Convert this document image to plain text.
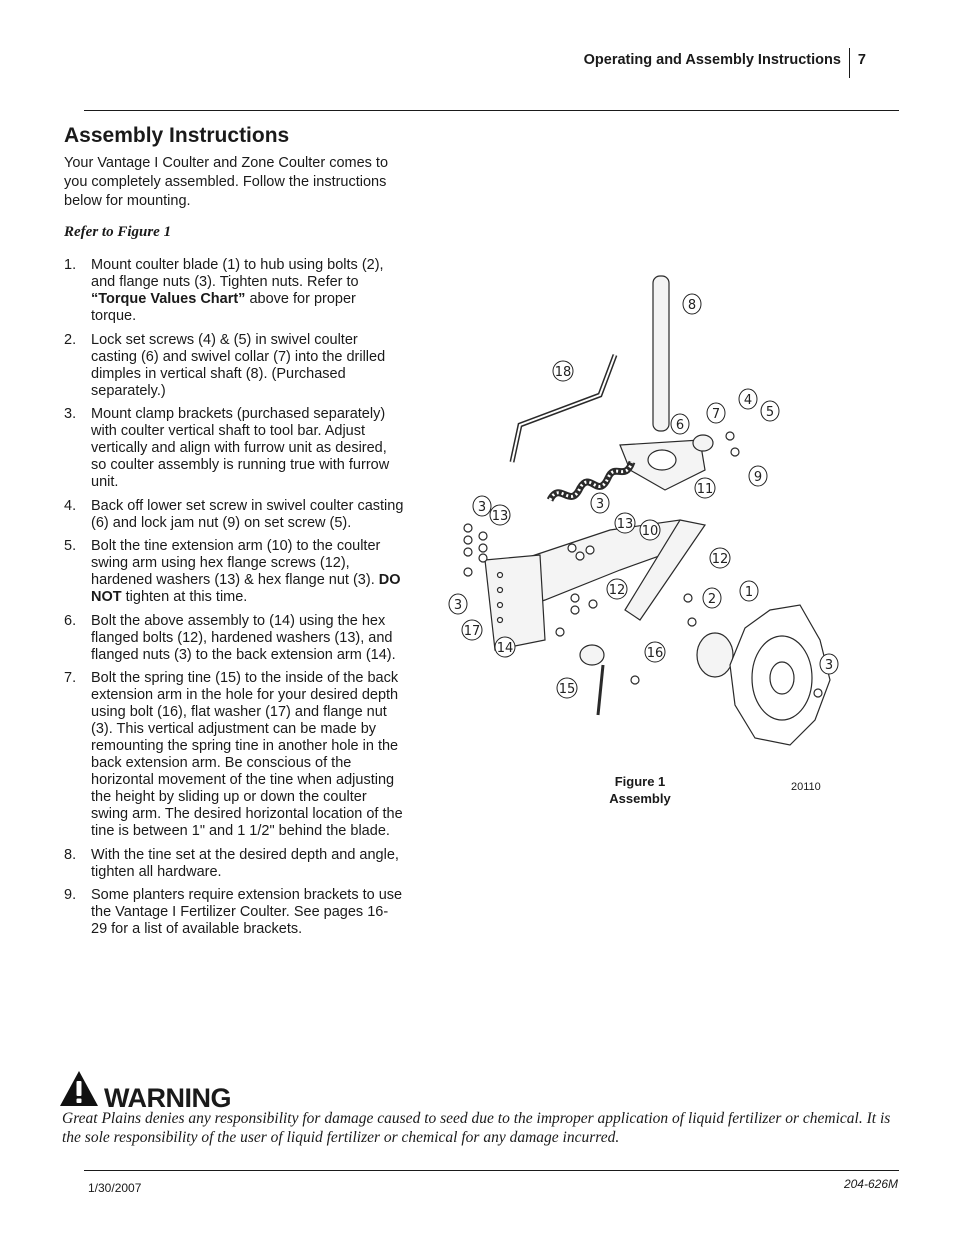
Operating and Assembly Instructions 7
Assembly Instructions

Your Vantage I Coulter and Zone Coulter comes to you completely assembled. Follow the instructions below for mounting.

Refer to Figure 1

1. Mount coulter blade (1) to hub using bolts (2), and flange nuts (3). Tighten nuts. Refer to “Torque Values Chart” above for proper torque.
2. Lock set screws (4) & (5) in swivel coulter casting (6) and swivel collar (7) into the drilled dimples in vertical shaft (8). (Purchased separately.)
3. Mount clamp brackets (purchased separately) with coulter vertical shaft to tool bar. Adjust vertically and align with furrow unit as desired, so coulter assembly is running true with furrow unit.
4. Back off lower set screw in swivel coulter casting (6) and lock jam nut (9) on set screw (5).
5. Bolt the tine extension arm (10) to the coulter swing arm using hex flange screws (12), hardened washers (13) & hex flange nut (3). DO NOT tighten at this time.
6. Bolt the above assembly to (14) using the hex flanged bolts (12), hardened washers (13), and flanged nuts (3) to the back extension arm (14).
7. Bolt the spring tine (15) to the inside of the back extension arm in the hole for your desired depth using bolt (16), flat washer (17) and flange nut (3). This vertical adjustment can be made by remounting the spring tine in another hole in the back extension arm. Be conscious of the horizontal movement of the tine when adjusting the height by sliding up or down the coulter swing arm. The desired horizontal location of the tine is between 1" and 1 1/2" behind the blade.
8. With the tine set at the desired depth and angle, tighten all hardware.
9. Some planters require extension brackets to use the Vantage I Fertilizer Coulter. See pages 16-29 for a list of available brackets.
8
18
6
7
4
5
9
11
3
13
3
13 10
12
12
2 1
3
17
14	16
15
3
Figure 1
Assembly
20110
WARNING

Great Plains denies any responsibility for damage caused to seed due to the improper application of liquid fertilizer or chemical. It is the sole responsibility of the user of liquid fertilizer or chemical for any damage incurred.

1/30/2007	204-626M
